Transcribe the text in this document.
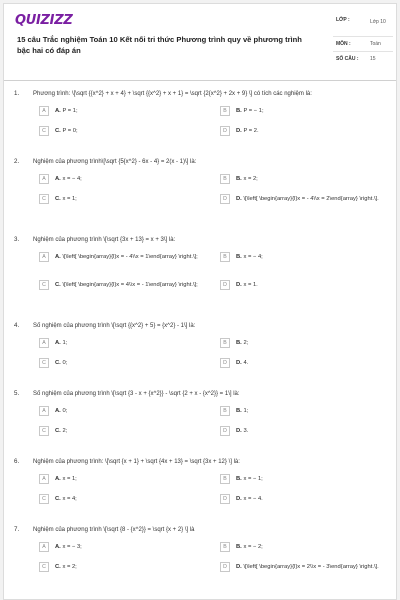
QUIZIZZ
15 câu Trắc nghiệm Toán 10 Kết nối tri thức Phương trình quy về phương trình bậc hai có đáp án
LỚP :	Lớp 10
MÔN :	Toán
SỐ CÂU : 15
1. Phương trình: \[\sqrt {{x^2} + x + 4} + \sqrt {{x^2} + x + 1} = \sqrt {2{x^2} + 2x + 9} \] có tích các nghiệm là:
A	A. P = 1;	B	B. P = − 1;
C	C. P = 0;	D	D. P = 2.
2. Nghiệm của phương trình\[\sqrt {5{x^2} - 6x - 4} = 2(x - 1)\] là:
A	A. x = − 4;	B	B. x = 2;
C	C. x = 1;	D	D. \[\left[ \begin{array}{l}x = - 4\\x = 2\end{array} \right.\].
3. Nghiệm của phương trình \[\sqrt {3x + 13} = x + 3\] là:
A	A. \[\left[ \begin{array}{l}x = - 4\\x = 1\end{array} \right.\];	B	B. x = − 4;
C	C. \[\left[ \begin{array}{l}x = 4\\x = - 1\end{array} \right.\];	D	D. x = 1.
4. Số nghiệm của phương trình \[\sqrt {{x^2} + 5} = {x^2} - 1\] là:
A	A. 1;	B	B. 2;
C	C. 0;	D	D. 4.
5. Số nghiệm của phương trình \[\sqrt {3 - x + {x^2}} - \sqrt {2 + x - {x^2}} = 1\] là:
A	A. 0;	B	B. 1;
C	C. 2;	D	D. 3.
6. Nghiệm của phương trình: \[\sqrt {x + 1} + \sqrt {4x + 13} = \sqrt {3x + 12} \] là:
A	A. x = 1;	B	B. x = − 1;
C	C. x = 4;	D	D. x = − 4.
7. Nghiệm của phương trình \[\sqrt {8 - {x^2}} = \sqrt {x + 2} \] là
A	A. x = − 3;	B	B. x = − 2;
C	C. x = 2;	D	D. \[\left[ \begin{array}{l}x = 2\\x = - 3\end{array} \right.\].
